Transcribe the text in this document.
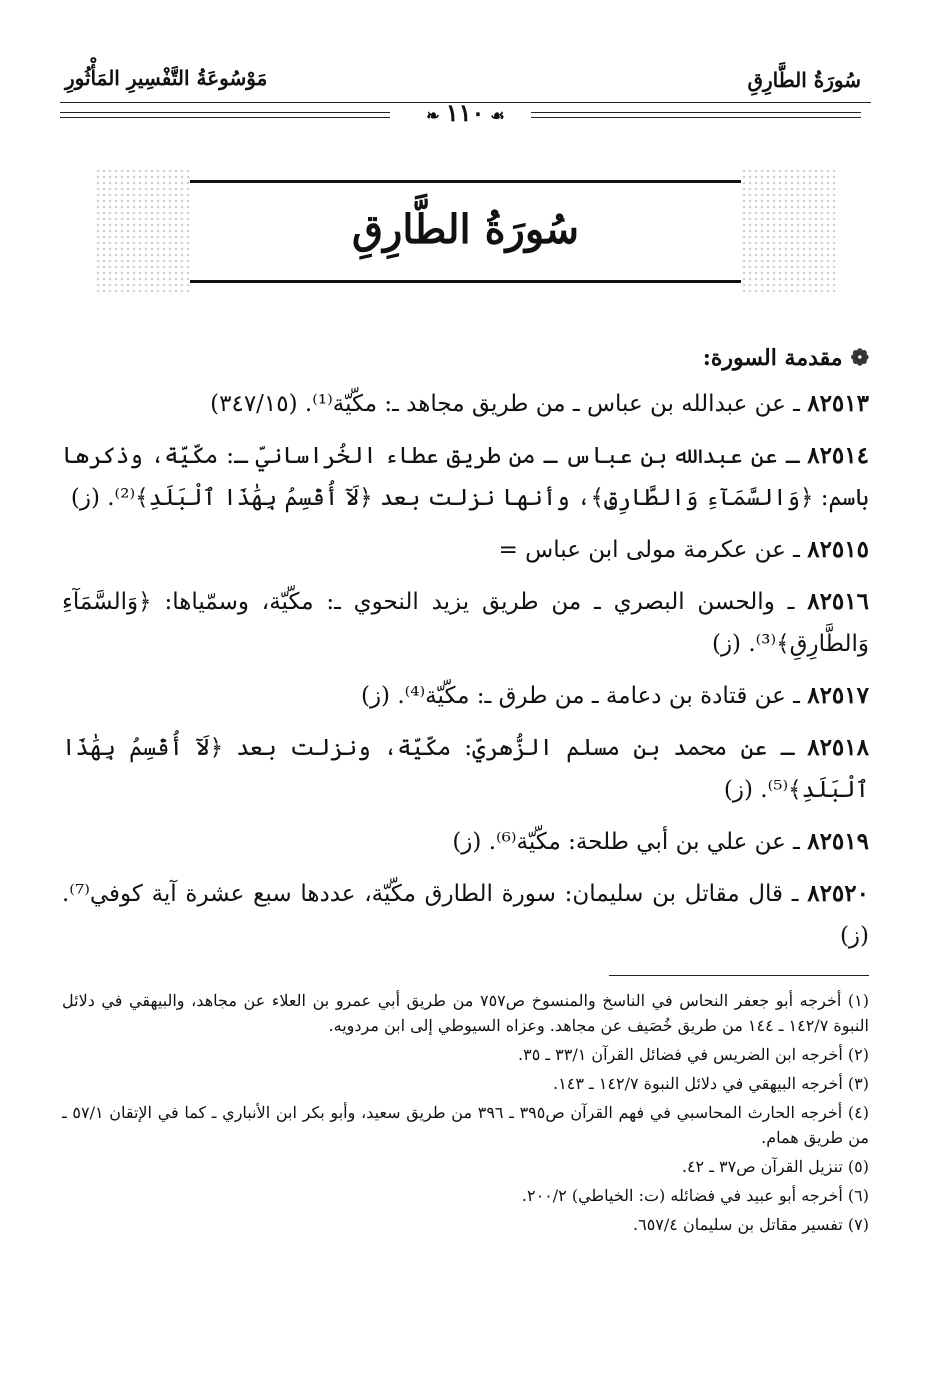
سُورَةُ الطَّارِقِ
مَوْسُوعَةُ التَّفْسِيرِ المَأْثُورِ
❧ ١١٠ ☙
سُورَةُ الطَّارِقِ
❁مقدمة السورة:

٨٢٥١٣ ـ عن عبدالله بن عباس ـ من طريق مجاهد ـ: مكّيّة⁽¹⁾. (٣٤٧/١٥)

٨٢٥١٤ ـ عن عبدالله بن عباس ـ من طريق عطاء الخُراسانيّ ـ: مكّيّة، وذكرها باسم: ﴿وَالسَّمَآءِ وَالطَّارِقِ﴾، وأنها نزلت بعد ﴿لَآ أُقْسِمُ بِهَٰذَا ٱلْبَلَدِ﴾⁽²⁾. (ز)

٨٢٥١٥ ـ عن عكرمة مولى ابن عباس =

٨٢٥١٦ ـ والحسن البصري ـ من طريق يزيد النحوي ـ: مكّيّة، وسمّياها: ﴿وَالسَّمَآءِ وَالطَّارِقِ﴾⁽³⁾. (ز)

٨٢٥١٧ ـ عن قتادة بن دعامة ـ من طرق ـ: مكّيّة⁽⁴⁾. (ز)

٨٢٥١٨ ـ عن محمد بن مسلم الزُّهريّ: مكّيّة، ونزلت بعد ﴿لَآ أُقْسِمُ بِهَٰذَا ٱلْبَلَدِ﴾⁽⁵⁾. (ز)

٨٢٥١٩ ـ عن علي بن أبي طلحة: مكّيّة⁽⁶⁾. (ز)

٨٢٥٢٠ ـ قال مقاتل بن سليمان: سورة الطارق مكّيّة، عددها سبع عشرة آية كوفي⁽⁷⁾. (ز)

(١) أخرجه أبو جعفر النحاس في الناسخ والمنسوخ ص٧٥٧ من طريق أبي عمرو بن العلاء عن مجاهد، والبيهقي في دلائل النبوة ١٤٢/٧ ـ ١٤٤ من طريق خُصَيف عن مجاهد. وعزاه السيوطي إلى ابن مردويه.

(٢) أخرجه ابن الضريس في فضائل القرآن ٣٣/١ ـ ٣٥.

(٣) أخرجه البيهقي في دلائل النبوة ١٤٢/٧ ـ ١٤٣.

(٤) أخرجه الحارث المحاسبي في فهم القرآن ص٣٩٥ ـ ٣٩٦ من طريق سعيد، وأبو بكر ابن الأنباري ـ كما في الإتقان ٥٧/١ ـ من طريق همام.

(٥) تنزيل القرآن ص٣٧ ـ ٤٢.

(٦) أخرجه أبو عبيد في فضائله (ت: الخياطي) ٢٠٠/٢.

(٧) تفسير مقاتل بن سليمان ٦٥٧/٤.
